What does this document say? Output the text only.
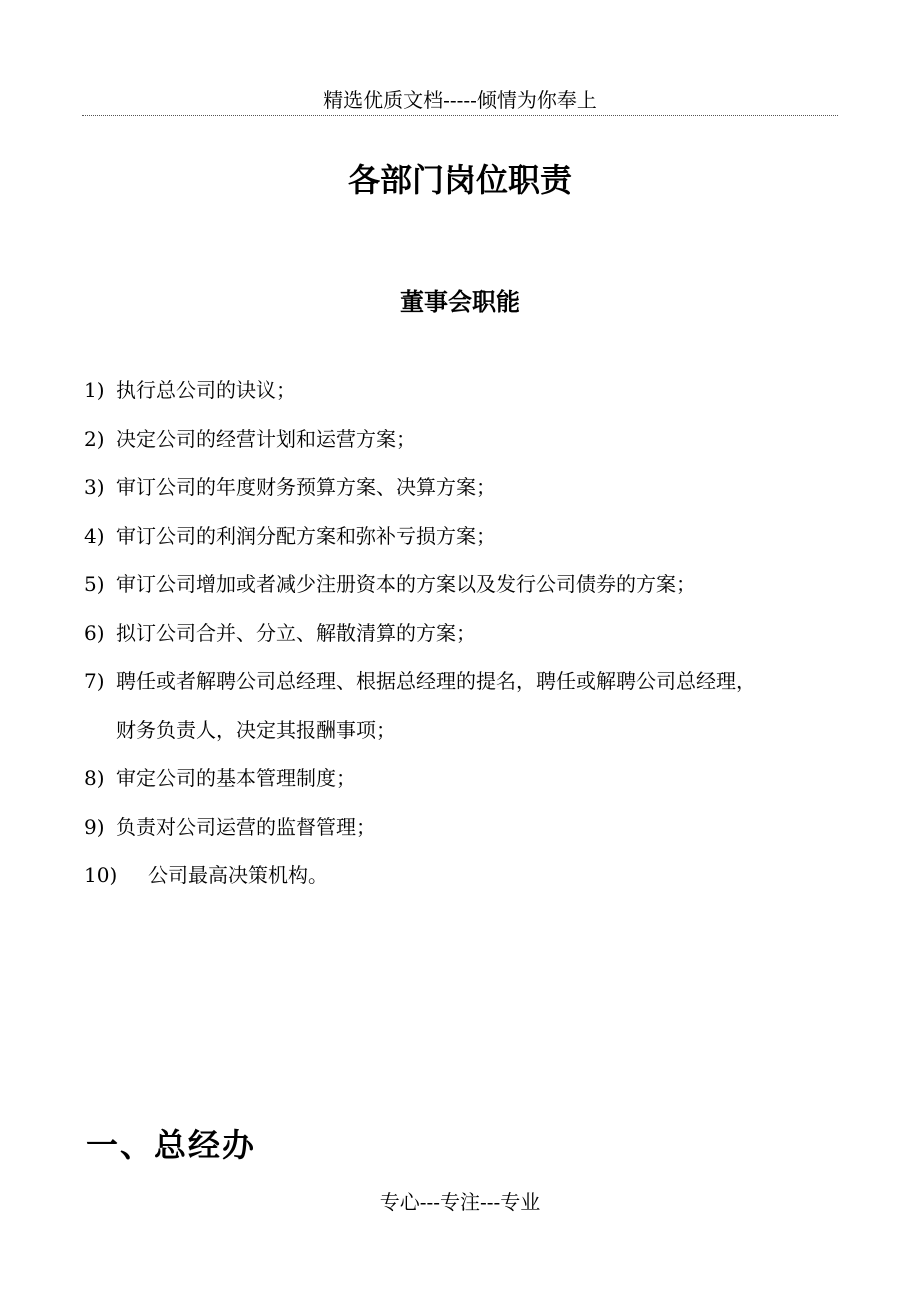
精选优质文档-----倾情为你奉上
各部门岗位职责
董事会职能
1) 执行总公司的诀议；
2) 决定公司的经营计划和运营方案；
3) 审订公司的年度财务预算方案、决算方案；
4) 审订公司的利润分配方案和弥补亏损方案；
5) 审订公司增加或者减少注册资本的方案以及发行公司债券的方案；
6) 拟订公司合并、分立、解散清算的方案；
7) 聘任或者解聘公司总经理、根据总经理的提名，聘任或解聘公司总经理，
财务负责人，决定其报酬事项；
8) 审定公司的基本管理制度；
9) 负责对公司运营的监督管理；
10) 公司最高决策机构。
一、总经办
专心---专注---专业
